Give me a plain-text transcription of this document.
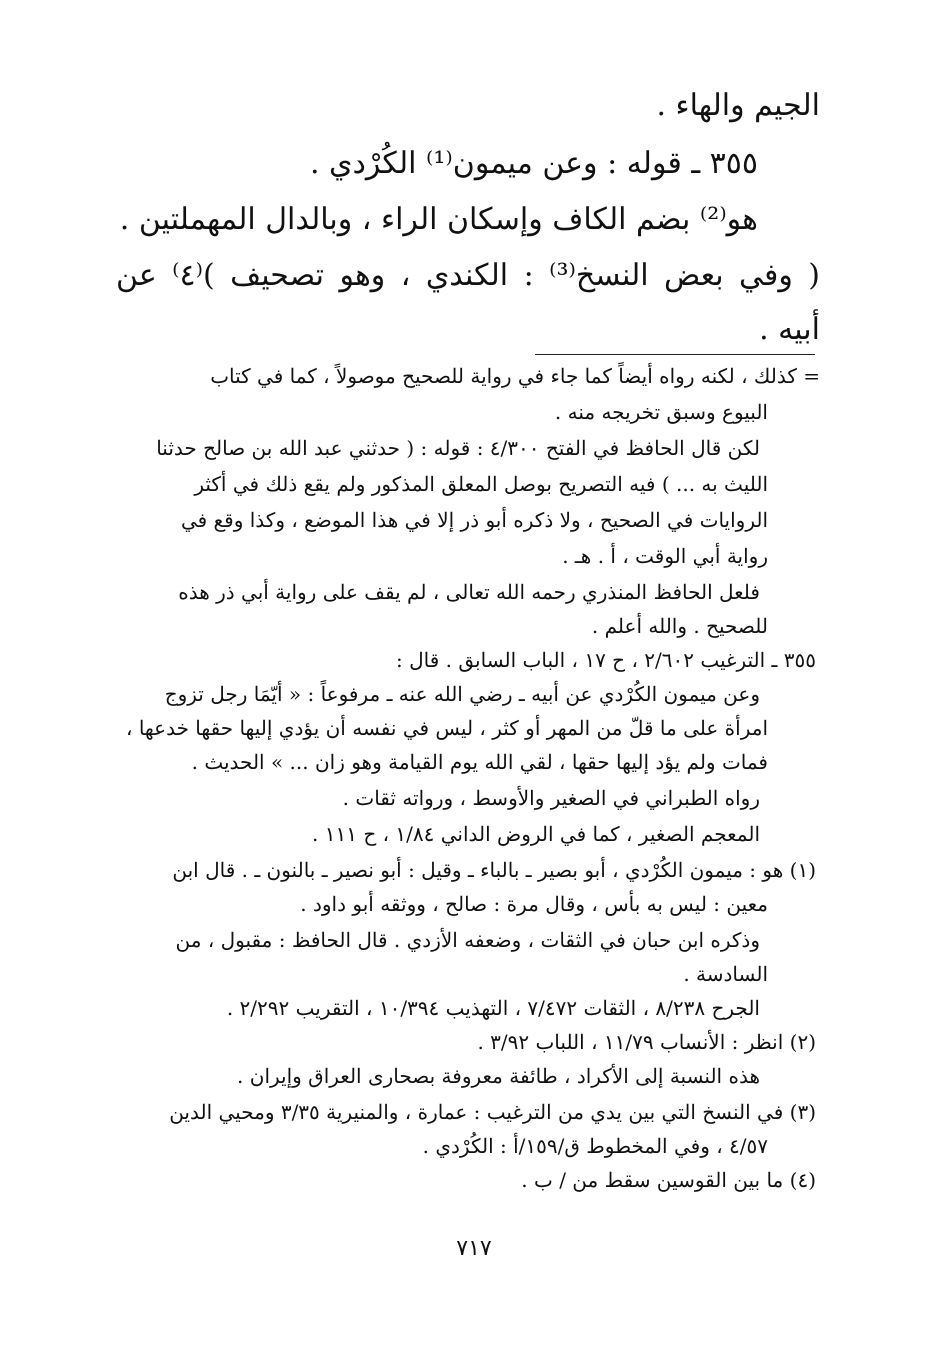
الجيم والهاء .
٣٥٥ ـ قوله : وعن ميمون⁽¹⁾ الكُرْدي .
هو⁽²⁾ بضم الكاف وإسكان الراء ، وبالدال المهملتين .
( وفي بعض النسخ⁽³⁾ : الكندي ، وهو تصحيف )⁽٤⁾ عن
أبيه .
= كذلك ، لكنه رواه أيضاً كما جاء في رواية للصحيح موصولاً ، كما في كتاب
البيوع وسبق تخريجه منه .
لكن قال الحافظ في الفتح ٤/٣٠٠ : قوله : ( حدثني عبد الله بن صالح حدثنا
الليث به ... ) فيه التصريح بوصل المعلق المذكور ولم يقع ذلك في أكثر
الروايات في الصحيح ، ولا ذكره أبو ذر إلا في هذا الموضع ، وكذا وقع في
رواية أبي الوقت ، أ . هـ .
فلعل الحافظ المنذري رحمه الله تعالى ، لم يقف على رواية أبي ذر هذه
للصحيح . والله أعلم .
٣٥٥ ـ الترغيب ٢/٦٠٢ ، ح ١٧ ، الباب السابق . قال :
وعن ميمون الكُرْدي عن أبيه ـ رضي الله عنه ـ مرفوعاً : « أيّمَا رجل تزوج
امرأة على ما قلّ من المهر أو كثر ، ليس في نفسه أن يؤدي إليها حقها خدعها ،
فمات ولم يؤد إليها حقها ، لقي الله يوم القيامة وهو زان ... » الحديث .
رواه الطبراني في الصغير والأوسط ، ورواته ثقات .
المعجم الصغير ، كما في الروض الداني ١/٨٤ ، ح ١١١ .
(١) هو : ميمون الكُرْدي ، أبو بصير ـ بالباء ـ وقيل : أبو نصير ـ بالنون ـ . قال ابن
معين : ليس به بأس ، وقال مرة : صالح ، ووثقه أبو داود .
وذكره ابن حبان في الثقات ، وضعفه الأزدي . قال الحافظ : مقبول ، من
السادسة .
الجرح ٨/٢٣٨ ، الثقات ٧/٤٧٢ ، التهذيب ١٠/٣٩٤ ، التقريب ٢/٢٩٢ .
(٢) انظر : الأنساب ١١/٧٩ ، اللباب ٣/٩٢ .
هذه النسبة إلى الأكراد ، طائفة معروفة بصحارى العراق وإيران .
(٣) في النسخ التي بين يدي من الترغيب : عمارة ، والمنيرية ٣/٣٥ ومحيي الدين
٤/٥٧ ، وفي المخطوط ق/١٥٩/أ : الكُرْدي .
(٤) ما بين القوسين سقط من / ب .
٧١٧
